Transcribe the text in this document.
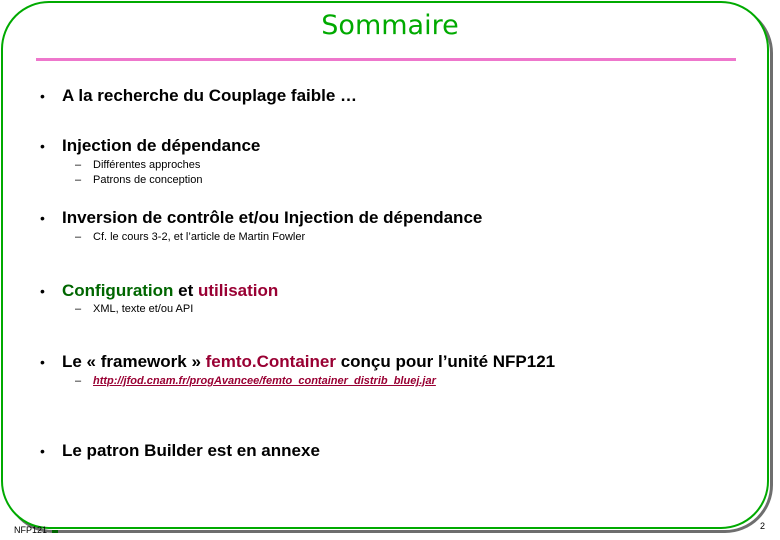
Sommaire
• A la recherche du Couplage faible …
• Injection de dépendance
– Différentes approches
– Patrons de conception
• Inversion de contrôle et/ou Injection de dépendance
– Cf. le cours 3-2, et l’article de Martin Fowler
• Configuration et utilisation
– XML, texte et/ou API
• Le « framework » femto.Container conçu pour l’unité NFP121
– http://jfod.cnam.fr/progAvancee/femto_container_distrib_bluej.jar
• Le patron Builder est en annexe
NFP121	2
